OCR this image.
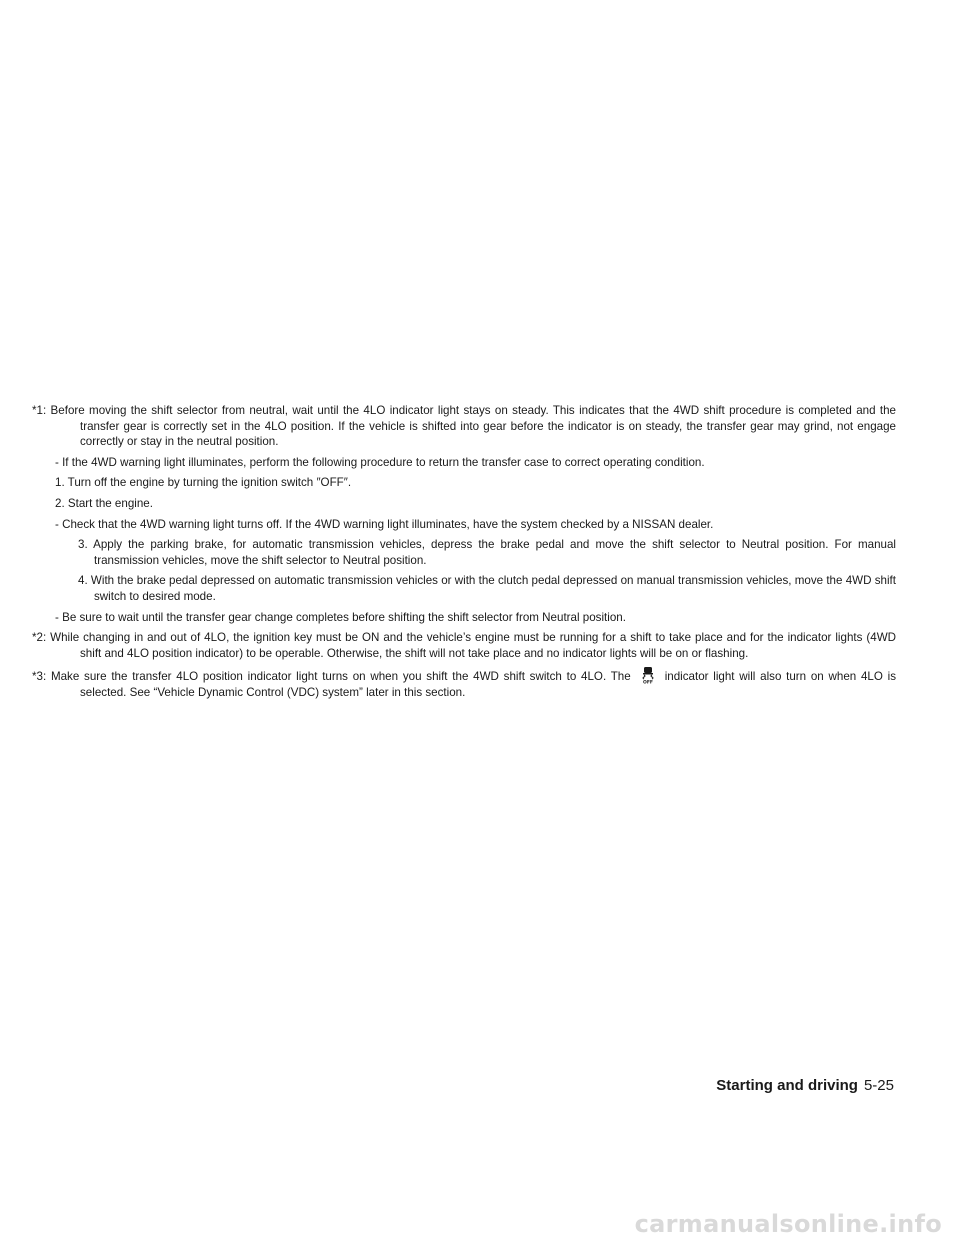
*1: Before moving the shift selector from neutral, wait until the 4LO indicator light stays on steady. This indicates that the 4WD shift procedure is completed and the transfer gear is correctly set in the 4LO position. If the vehicle is shifted into gear before the indicator is on steady, the transfer gear may grind, not engage correctly or stay in the neutral position.

- If the 4WD warning light illuminates, perform the following procedure to return the transfer case to correct operating condition.

1. Turn off the engine by turning the ignition switch ″OFF″.

2. Start the engine.

- Check that the 4WD warning light turns off. If the 4WD warning light illuminates, have the system checked by a NISSAN dealer.

3. Apply the parking brake, for automatic transmission vehicles, depress the brake pedal and move the shift selector to Neutral position. For manual transmission vehicles, move the shift selector to Neutral position.

4. With the brake pedal depressed on automatic transmission vehicles or with the clutch pedal depressed on manual transmission vehicles, move the 4WD shift switch to desired mode.

- Be sure to wait until the transfer gear change completes before shifting the shift selector from Neutral position.

*2: While changing in and out of 4LO, the ignition key must be ON and the vehicle’s engine must be running for a shift to take place and for the indicator lights (4WD shift and 4LO position indicator) to be operable. Otherwise, the shift will not take place and no indicator lights will be on or flashing.

*3: Make sure the transfer 4LO position indicator light turns on when you shift the 4WD shift switch to 4LO. The	OFF indicator light will also turn on when 4LO is selected. See “Vehicle Dynamic Control (VDC) system” later in this section.

Starting and driving 5-25
carmanualsonline.info
